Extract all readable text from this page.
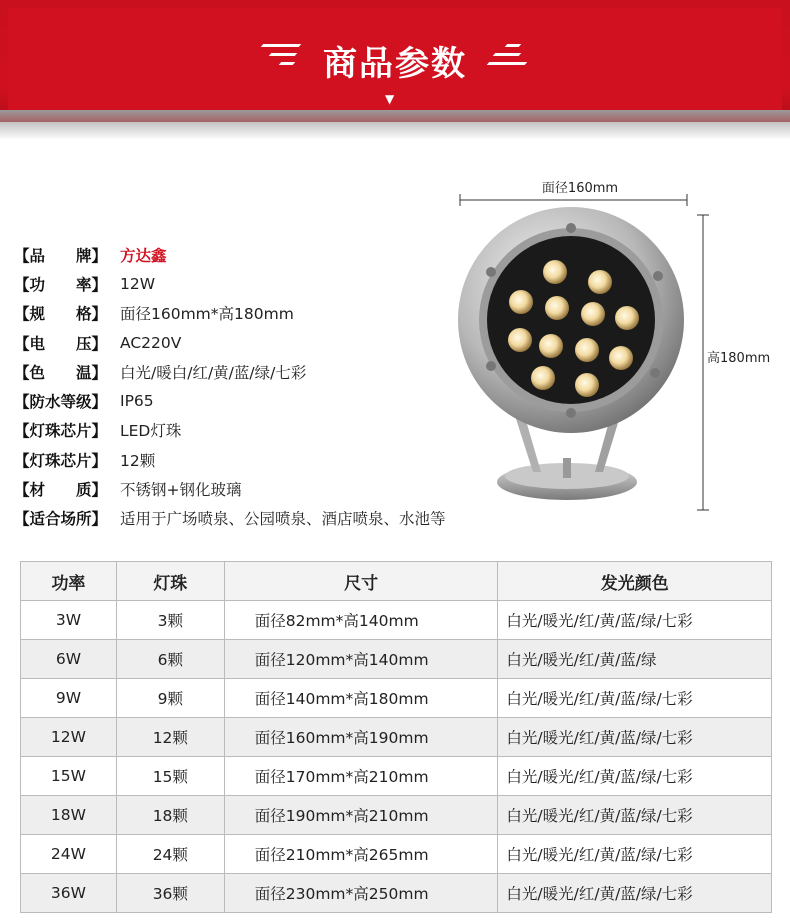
商品参数
▼
【品　　牌】 方达鑫
【功　　率】 12W
【规　　格】 面径160mm*高180mm
【电　　压】 AC220V
【色　　温】 白光/暖白/红/黄/蓝/绿/七彩
【防水等级】 IP65
【灯珠芯片】 LED灯珠
【灯珠芯片】 12颗
【材　　质】 不锈钢+钢化玻璃
【适合场所】 适用于广场喷泉、公园喷泉、酒店喷泉、水池等
面径160mm
高180mm
功率	灯珠	尺寸	发光颜色
3W	3颗	面径82mm*高140mm	白光/暖光/红/黄/蓝/绿/七彩
6W	6颗	面径120mm*高140mm	白光/暖光/红/黄/蓝/绿
9W	9颗	面径140mm*高180mm	白光/暖光/红/黄/蓝/绿/七彩
12W	12颗	面径160mm*高190mm	白光/暖光/红/黄/蓝/绿/七彩
15W	15颗	面径170mm*高210mm	白光/暖光/红/黄/蓝/绿/七彩
18W	18颗	面径190mm*高210mm	白光/暖光/红/黄/蓝/绿/七彩
24W	24颗	面径210mm*高265mm	白光/暖光/红/黄/蓝/绿/七彩
36W	36颗	面径230mm*高250mm	白光/暖光/红/黄/蓝/绿/七彩
